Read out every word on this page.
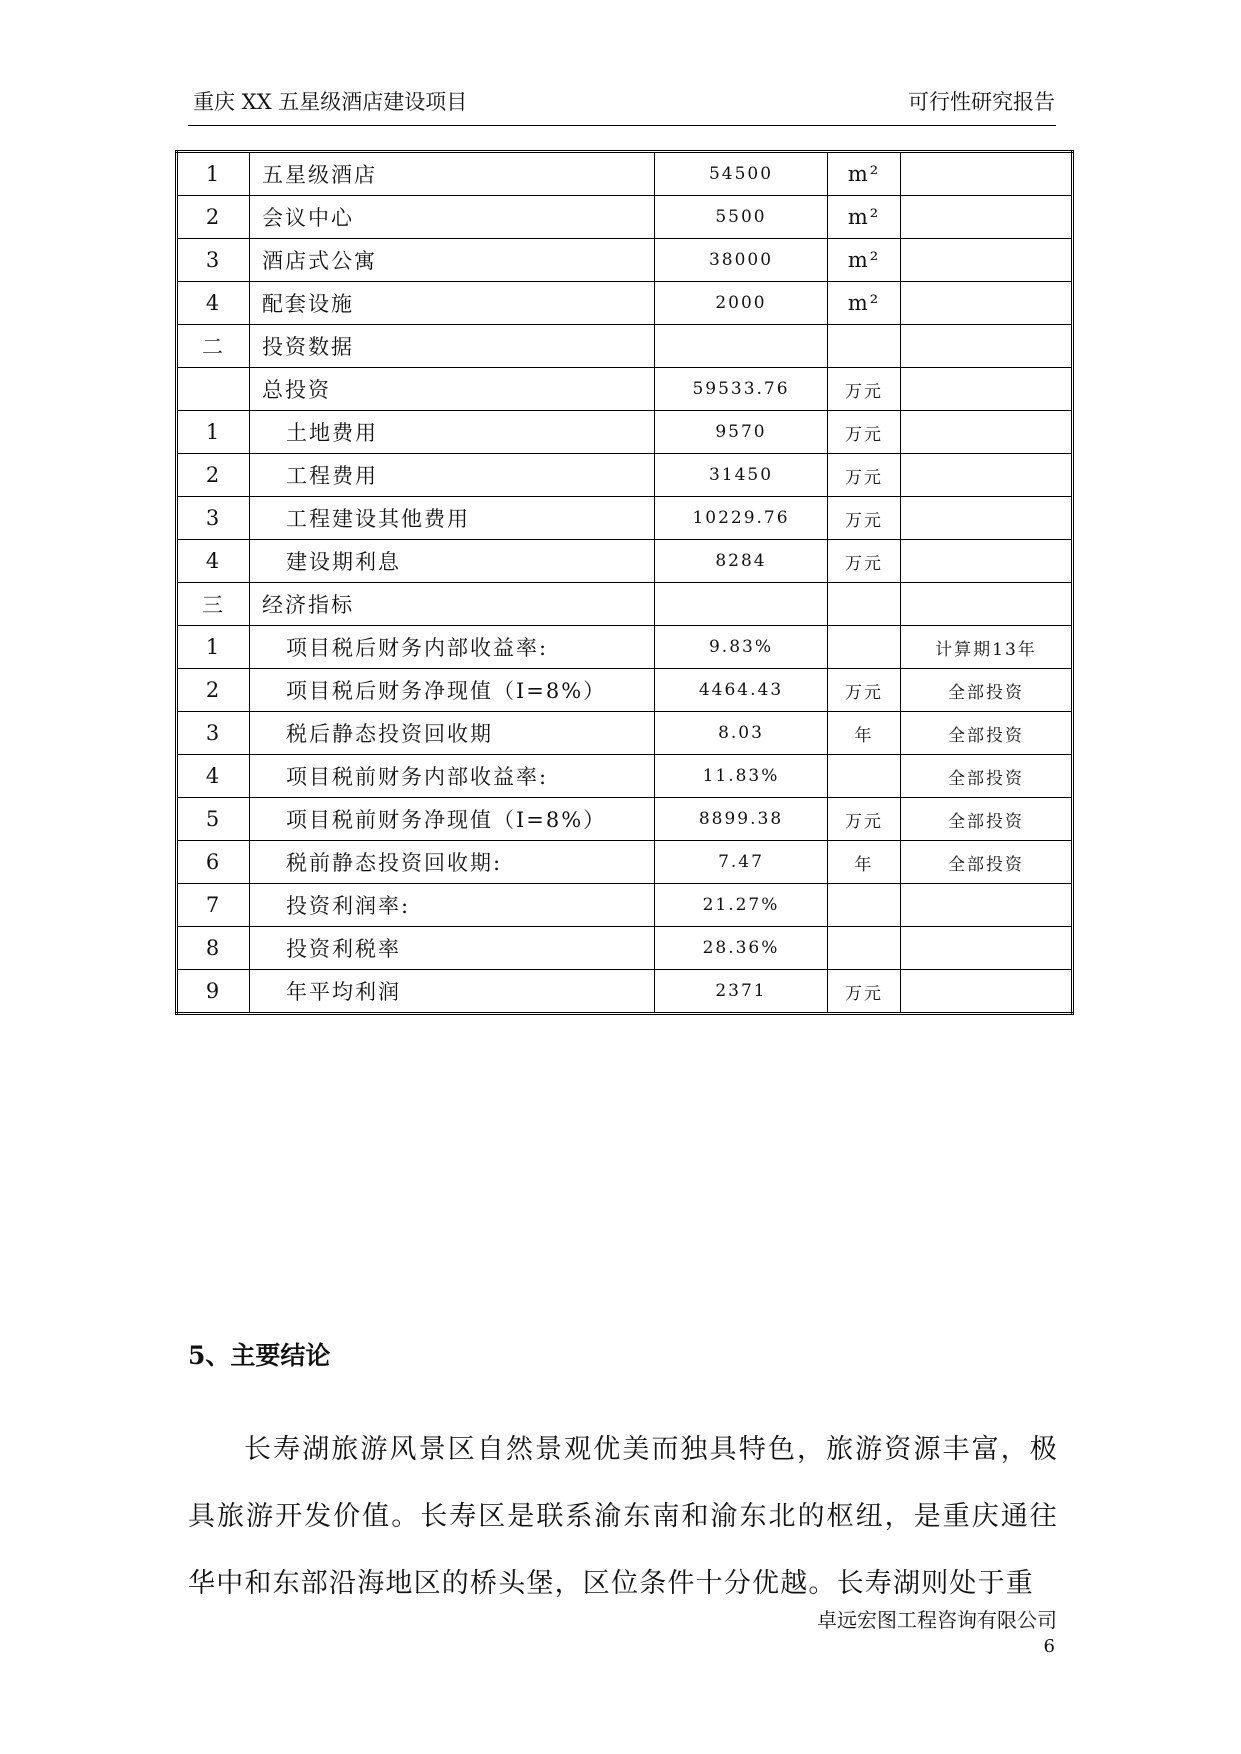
重庆 XX 五星级酒店建设项目	可行性研究报告
1	五星级酒店	54500	m²	
2	会议中心	5500	m²	
3	酒店式公寓	38000	m²	
4	配套设施	2000	m²	
二	投资数据			
	总投资	59533.76	万元	
1	土地费用	9570	万元	
2	工程费用	31450	万元	
3	工程建设其他费用	10229.76	万元	
4	建设期利息	8284	万元	
三	经济指标			
1	项目税后财务内部收益率:	9.83%		计算期13年
2	项目税后财务净现值（I=8%）	4464.43	万元	全部投资
3	税后静态投资回收期	8.03	年	全部投资
4	项目税前财务内部收益率:	11.83%		全部投资
5	项目税前财务净现值（I=8%）	8899.38	万元	全部投资
6	税前静态投资回收期:	7.47	年	全部投资
7	投资利润率:	21.27%		
8	投资利税率	28.36%		
9	年平均利润	2371	万元	
5、主要结论
长寿湖旅游风景区自然景观优美而独具特色，旅游资源丰富，极具旅游开发价值。长寿区是联系渝东南和渝东北的枢纽，是重庆通往华中和东部沿海地区的桥头堡，区位条件十分优越。长寿湖则处于重
卓远宏图工程咨询有限公司
6
